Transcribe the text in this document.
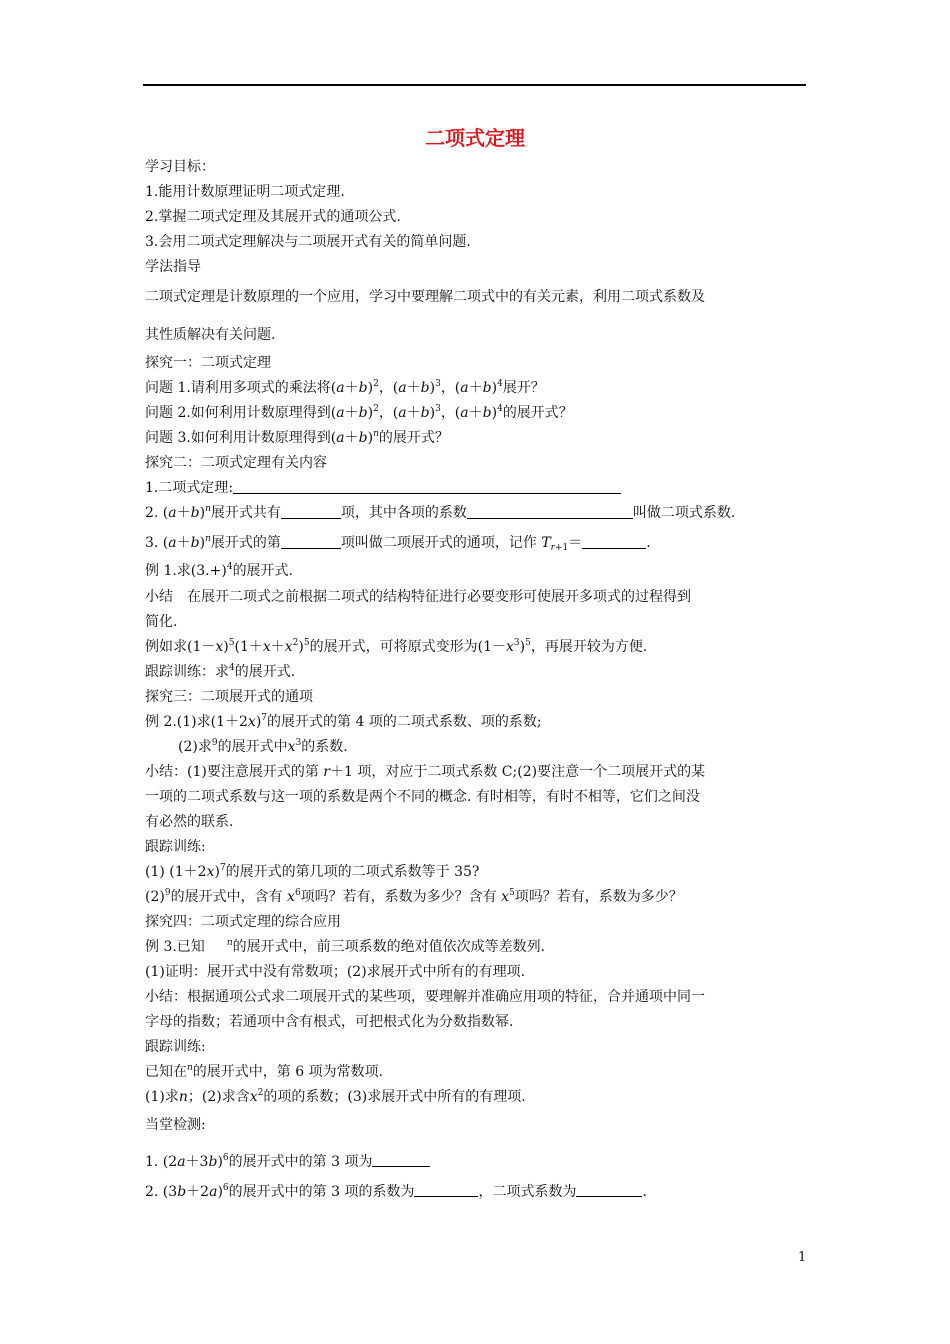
二项式定理
学习目标：
1.能用计数原理证明二项式定理.
2.掌握二项式定理及其展开式的通项公式.
3.会用二项式定理解决与二项展开式有关的简单问题.
学法指导
二项式定理是计数原理的一个应用，学习中要理解二项式中的有关元素，利用二项式系数及
其性质解决有关问题.
探究一：二项式定理
问题 1.请利用多项式的乘法将$(a+b)^2$，$(a+b)^3$，$(a+b)^4$展开？
问题 2.如何利用计数原理得到$(a+b)^2$，$(a+b)^3$，$(a+b)^4$的展开式？
问题 3.如何利用计数原理得到$(a+b)^n$的展开式？
探究二：二项式定理有关内容
1.二项式定理:
2. $(a+b)^n$展开式共有	项，其中各项的系数	叫做二项式系数.
3. $(a+b)^n$展开式的第	项叫做二项展开式的通项，记作 $T_{r+1}=$	.
例 1.求$(3.+)^4$的展开式.
小结　在展开二项式之前根据二项式的结构特征进行必要变形可使展开多项式的过程得到
简化.
例如求$(1-x)^5(1+x+x^2)^5$的展开式，可将原式变形为$(1-x^3)^5$，再展开较为方便.
跟踪训练：求$^4$的展开式.
探究三：二项展开式的通项
例 2.(1)求$(1+2x)^7$的展开式的第 4 项的二项式系数、项的系数;
(2)求$^9$的展开式中$x^3$的系数.
小结：(1)要注意展开式的第 r＋1 项，对应于二项式系数 C;(2)要注意一个二项展开式的某
一项的二项式系数与这一项的系数是两个不同的概念. 有时相等，有时不相等，它们之间没
有必然的联系.
跟踪训练:
(1) $(1+2x)^7$的展开式的第几项的二项式系数等于 35?
$(2)^9$的展开式中，含有 $x^6$项吗？若有，系数为多少？含有 $x^5$项吗？若有，系数为多少？
探究四：二项式定理的综合应用
例 3.已知 $^n$的展开式中，前三项系数的绝对值依次成等差数列.
(1)证明：展开式中没有常数项；(2)求展开式中所有的有理项.
小结：根据通项公式求二项展开式的某些项，要理解并准确应用项的特征，合并通项中同一
字母的指数；若通项中含有根式，可把根式化为分数指数幂.
跟踪训练:
已知在$^n$的展开式中，第 6 项为常数项.
(1)求n；(2)求含$x^2$的项的系数；(3)求展开式中所有的有理项.
当堂检测:
1. $(2a+3b)^6$的展开式中的第 3 项为
2. $(3b+2a)^6$的展开式中的第 3 项的系数为	，二项式系数为	.
1
